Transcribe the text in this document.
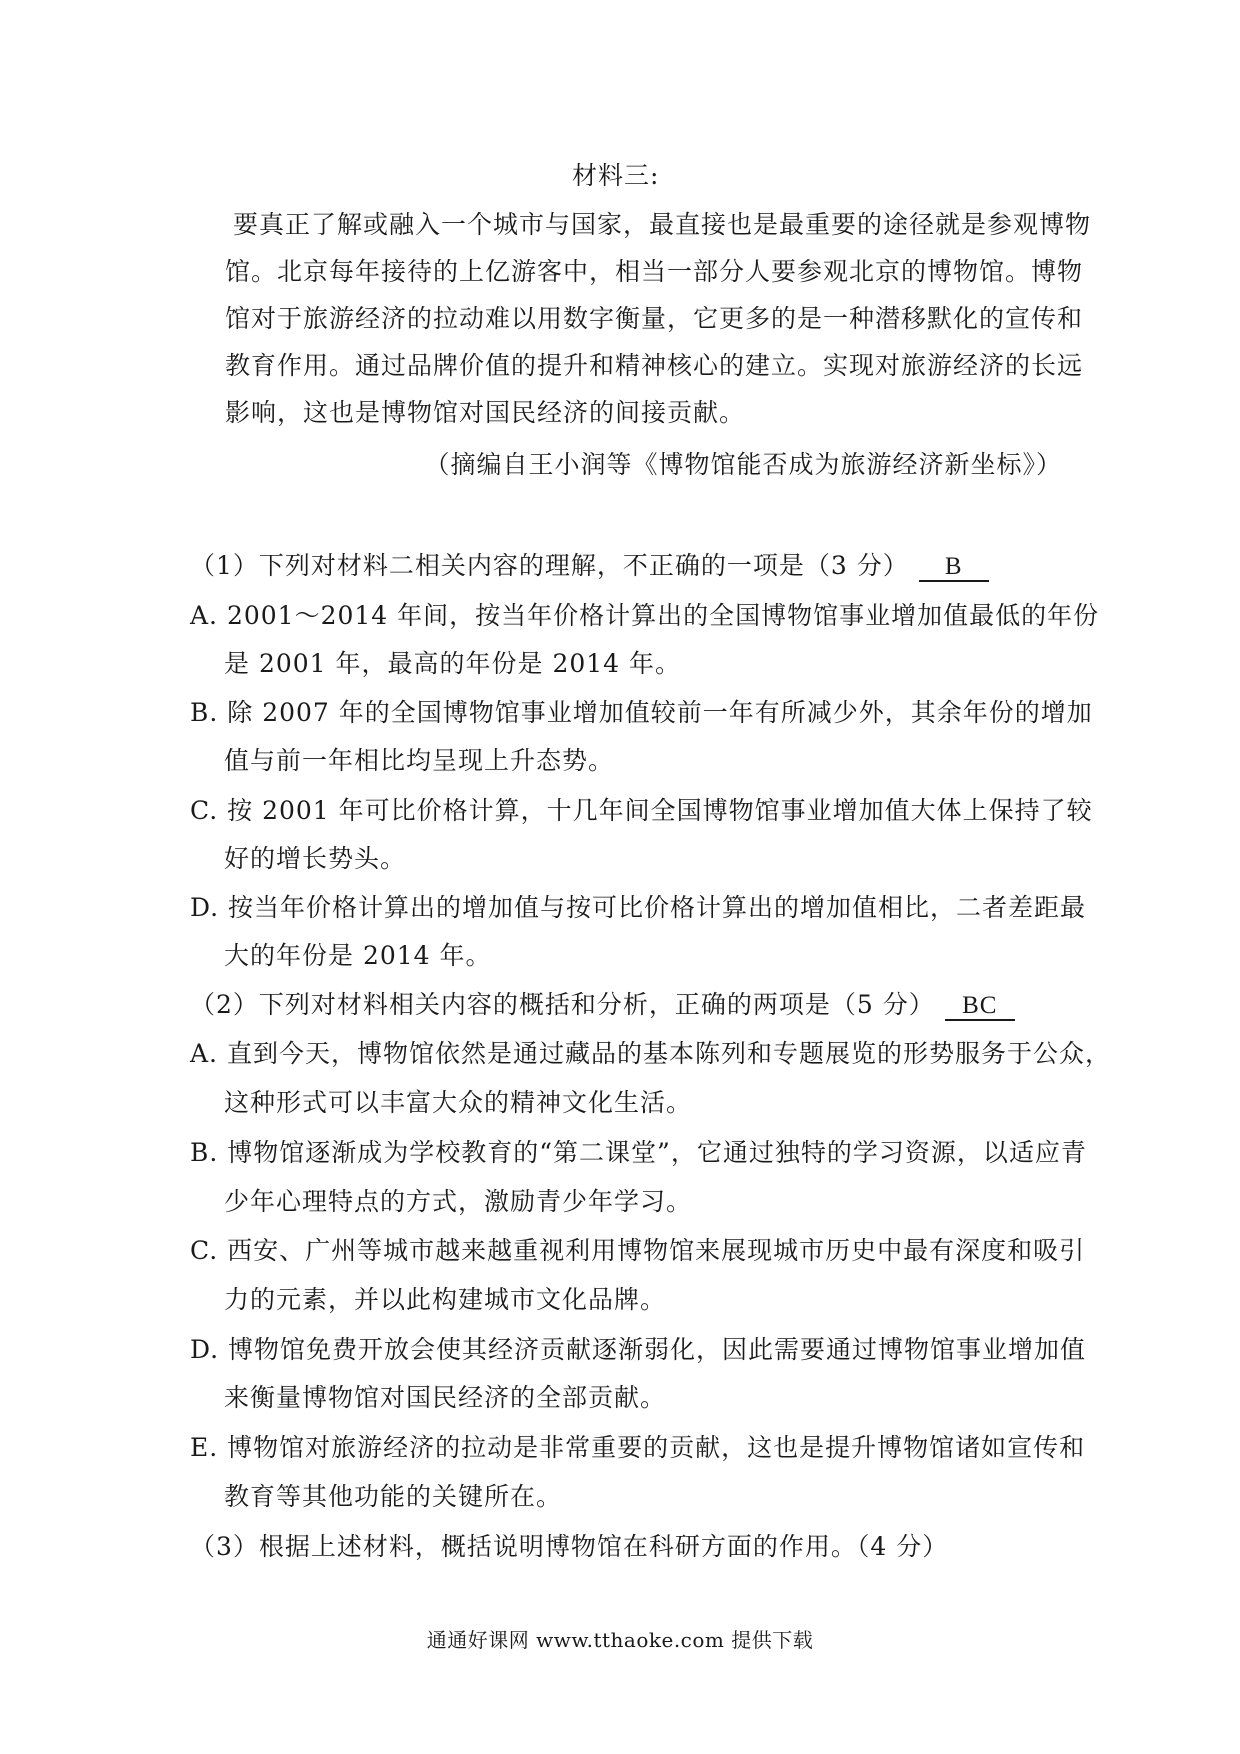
材料三:
要真正了解或融入一个城市与国家，最直接也是最重要的途径就是参观博物
馆。北京每年接待的上亿游客中，相当一部分人要参观北京的博物馆。博物
馆对于旅游经济的拉动难以用数字衡量，它更多的是一种潜移默化的宣传和
教育作用。通过品牌价值的提升和精神核心的建立。实现对旅游经济的长远
影响，这也是博物馆对国民经济的间接贡献。
（摘编自王小润等《博物馆能否成为旅游经济新坐标》）
（1）下列对材料二相关内容的理解，不正确的一项是（3 分） B
A. 2001～2014 年间，按当年价格计算出的全国博物馆事业增加值最低的年份
是 2001 年，最高的年份是 2014 年。
B. 除 2007 年的全国博物馆事业增加值较前一年有所减少外，其余年份的增加
值与前一年相比均呈现上升态势。
C. 按 2001 年可比价格计算，十几年间全国博物馆事业增加值大体上保持了较
好的增长势头。
D. 按当年价格计算出的增加值与按可比价格计算出的增加值相比，二者差距最
大的年份是 2014 年。
（2）下列对材料相关内容的概括和分析，正确的两项是（5 分） BC
A. 直到今天，博物馆依然是通过藏品的基本陈列和专题展览的形势服务于公众，
这种形式可以丰富大众的精神文化生活。
B. 博物馆逐渐成为学校教育的“第二课堂”，它通过独特的学习资源，以适应青
少年心理特点的方式，激励青少年学习。
C. 西安、广州等城市越来越重视利用博物馆来展现城市历史中最有深度和吸引
力的元素，并以此构建城市文化品牌。
D. 博物馆免费开放会使其经济贡献逐渐弱化，因此需要通过博物馆事业增加值
来衡量博物馆对国民经济的全部贡献。
E. 博物馆对旅游经济的拉动是非常重要的贡献，这也是提升博物馆诸如宣传和
教育等其他功能的关键所在。
（3）根据上述材料，概括说明博物馆在科研方面的作用。（4 分）
通通好课网 www.tthaoke.com 提供下载
